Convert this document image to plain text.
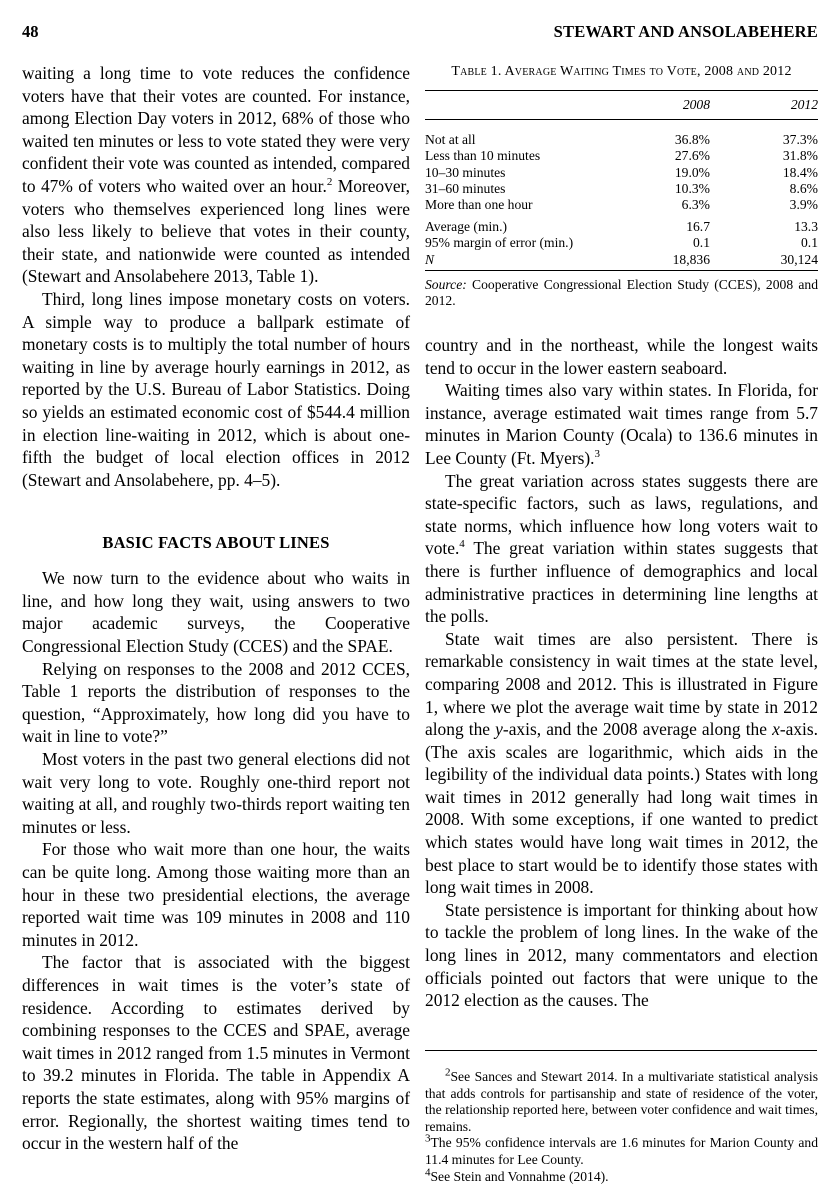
48	STEWART AND ANSOLABEHERE

waiting a long time to vote reduces the confidence voters have that their votes are counted. For instance, among Election Day voters in 2012, 68% of those who waited ten minutes or less to vote stated they were very confident their vote was counted as intended, compared to 47% of voters who waited over an hour.$^2$ Moreover, voters who themselves experienced long lines were also less likely to believe that votes in their county, their state, and nationwide were counted as intended (Stewart and Ansolabehere 2013, Table 1).

Third, long lines impose monetary costs on voters. A simple way to produce a ballpark estimate of monetary costs is to multiply the total number of hours waiting in line by average hourly earnings in 2012, as reported by the U.S. Bureau of Labor Statistics. Doing so yields an estimated economic cost of $544.4 million in election line-waiting in 2012, which is about one-fifth the budget of local election offices in 2012 (Stewart and Ansolabehere, pp. 4–5).

BASIC FACTS ABOUT LINES

We now turn to the evidence about who waits in line, and how long they wait, using answers to two major academic surveys, the Cooperative Congressional Election Study (CCES) and the SPAE.

Relying on responses to the 2008 and 2012 CCES, Table 1 reports the distribution of responses to the question, “Approximately, how long did you have to wait in line to vote?”

Most voters in the past two general elections did not wait very long to vote. Roughly one-third report not waiting at all, and roughly two-thirds report waiting ten minutes or less.

For those who wait more than one hour, the waits can be quite long. Among those waiting more than an hour in these two presidential elections, the average reported wait time was 109 minutes in 2008 and 110 minutes in 2012.

The factor that is associated with the biggest differences in wait times is the voter’s state of residence. According to estimates derived by combining responses to the CCES and SPAE, average wait times in 2012 ranged from 1.5 minutes in Vermont to 39.2 minutes in Florida. The table in Appendix A reports the state estimates, along with 95% margins of error. Regionally, the shortest waiting times tend to occur in the western half of the

Table 1. Average Waiting Times to Vote, 2008 and 2012
	2008	2012
Not at all	36.8%	37.3%
Less than 10 minutes	27.6%	31.8%
10–30 minutes	19.0%	18.4%
31–60 minutes	10.3%	8.6%
More than one hour	6.3%	3.9%
Average (min.)	16.7	13.3
95% margin of error (min.)	0.1	0.1
N	18,836	30,124
Source: Cooperative Congressional Election Study (CCES), 2008 and 2012.

country and in the northeast, while the longest waits tend to occur in the lower eastern seaboard.

Waiting times also vary within states. In Florida, for instance, average estimated wait times range from 5.7 minutes in Marion County (Ocala) to 136.6 minutes in Lee County (Ft. Myers).$^3$

The great variation across states suggests there are state-specific factors, such as laws, regulations, and state norms, which influence how long voters wait to vote.$^4$ The great variation within states suggests that there is further influence of demographics and local administrative practices in determining line lengths at the polls.

State wait times are also persistent. There is remarkable consistency in wait times at the state level, comparing 2008 and 2012. This is illustrated in Figure 1, where we plot the average wait time by state in 2012 along the y-axis, and the 2008 average along the x-axis. (The axis scales are logarithmic, which aids in the legibility of the individual data points.) States with long wait times in 2012 generally had long wait times in 2008. With some exceptions, if one wanted to predict which states would have long wait times in 2012, the best place to start would be to identify those states with long wait times in 2008.

State persistence is important for thinking about how to tackle the problem of long lines. In the wake of the long lines in 2012, many commentators and election officials pointed out factors that were unique to the 2012 election as the causes. The

$^2$See Sances and Stewart 2014. In a multivariate statistical analysis that adds controls for partisanship and state of residence of the voter, the relationship reported here, between voter confidence and wait times, remains.

$^3$The 95% confidence intervals are 1.6 minutes for Marion County and 11.4 minutes for Lee County.

$^4$See Stein and Vonnahme (2014).
